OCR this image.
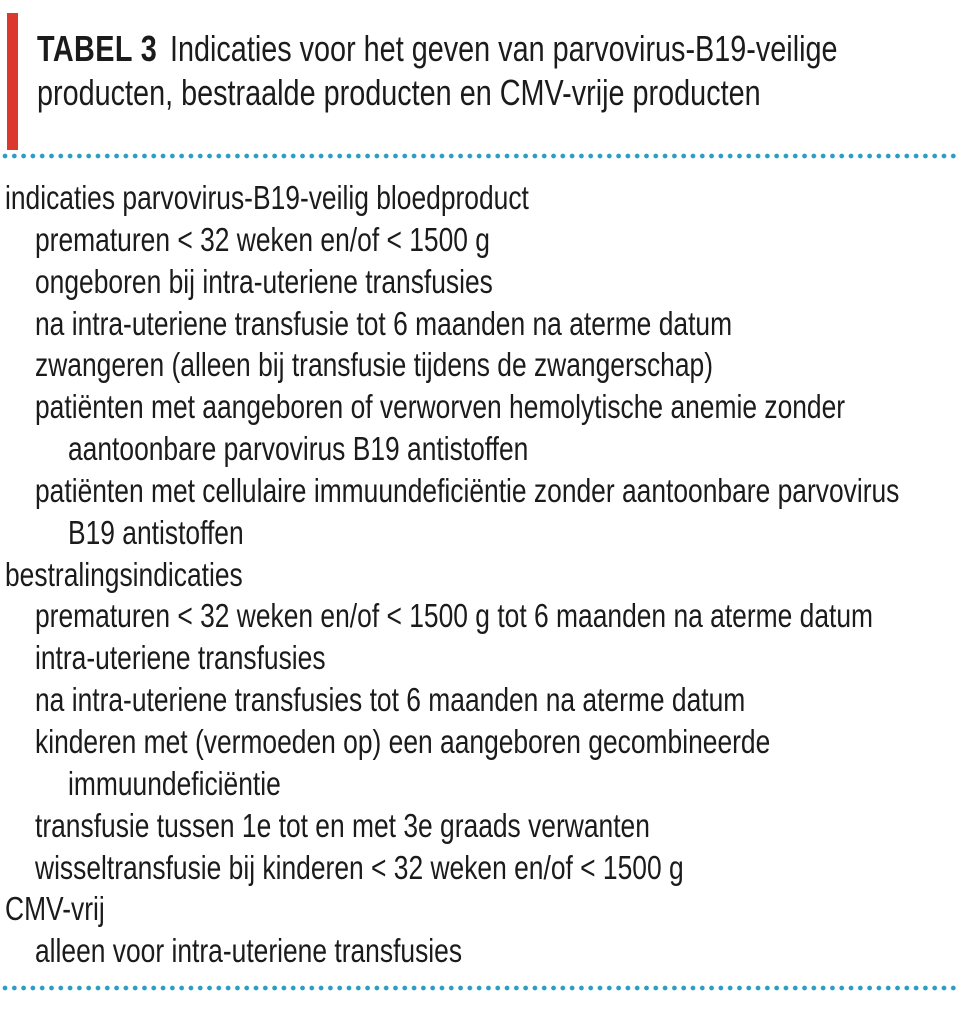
TABEL 3 Indicaties voor het geven van parvovirus-B19-veilige
producten, bestraalde producten en CMV-vrije producten
indicaties parvovirus-B19-veilig bloedproduct
prematuren < 32 weken en/of < 1500 g
ongeboren bij intra-uteriene transfusies
na intra-uteriene transfusie tot 6 maanden na aterme datum
zwangeren (alleen bij transfusie tijdens de zwangerschap)
patiënten met aangeboren of verworven hemolytische anemie zonder
aantoonbare parvovirus B19 antistoffen
patiënten met cellulaire immuundeficiëntie zonder aantoonbare parvovirus
B19 antistoffen
bestralingsindicaties
prematuren < 32 weken en/of < 1500 g tot 6 maanden na aterme datum
intra-uteriene transfusies
na intra-uteriene transfusies tot 6 maanden na aterme datum
kinderen met (vermoeden op) een aangeboren gecombineerde
immuundeficiëntie
transfusie tussen 1e tot en met 3e graads verwanten
wisseltransfusie bij kinderen < 32 weken en/of < 1500 g
CMV-vrij
alleen voor intra-uteriene transfusies
